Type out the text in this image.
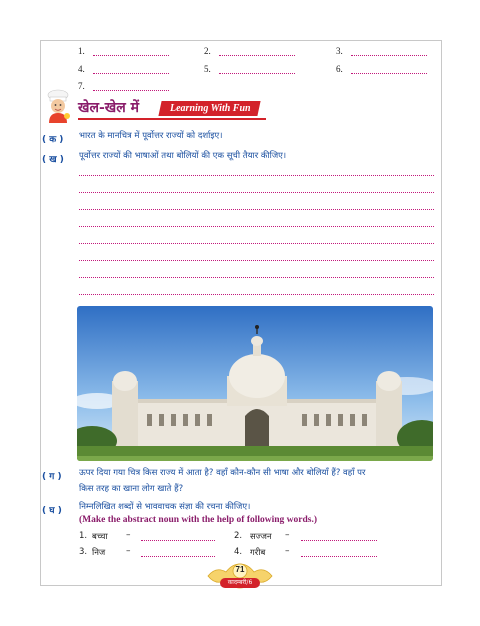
1.	2.	3.
4.	5.	6.
7.
खेल-खेल में	Learning With Fun
( क ) भारत के मानचित्र में पूर्वोत्तर राज्यों को दर्शाइए।
( ख ) पूर्वोत्तर राज्यों की भाषाओं तथा बोलियों की एक सूची तैयार कीजिए।
( ग ) ऊपर दिया गया चित्र किस राज्य में आता है? वहाँ कौन-कौन सी भाषा और बोलियाँ हैं? वहाँ पर
किस तरह का खाना लोग खाते हैं?
( घ ) निम्नलिखित शब्दों से भाववाचक संज्ञा की रचना कीजिए।
(Make the abstract noun with the help of following words.)
1. बच्चा –	2. सज्जन –
3. निज –	4. गरीब –
71
कादम्बरी/6
